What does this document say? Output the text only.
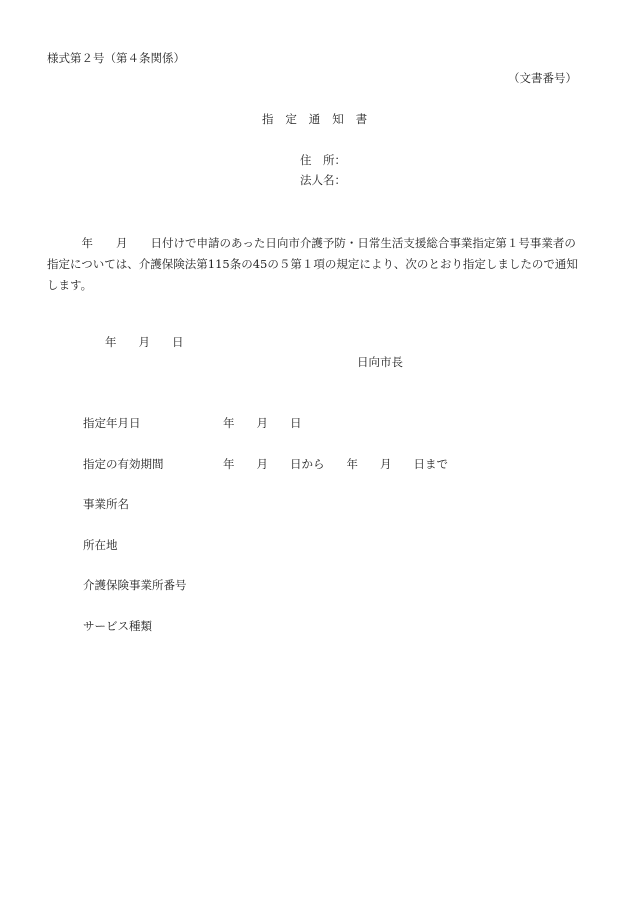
様式第２号（第４条関係）
（文書番号）
指　定　通　知　書
住　所：
法人名：
　　　年　　月　　日付けで申請のあった日向市介護予防・日常生活支援総合事業指定第１号事業者の指定については、介護保険法第115条の45の５第１項の規定により、次のとおり指定しましたので通知します。
年 月 日
日向市長
指定年月日	年 月 日
指定の有効期間	年 月 日から 年 月 日まで
事業所名
所在地
介護保険事業所番号
サービス種類
